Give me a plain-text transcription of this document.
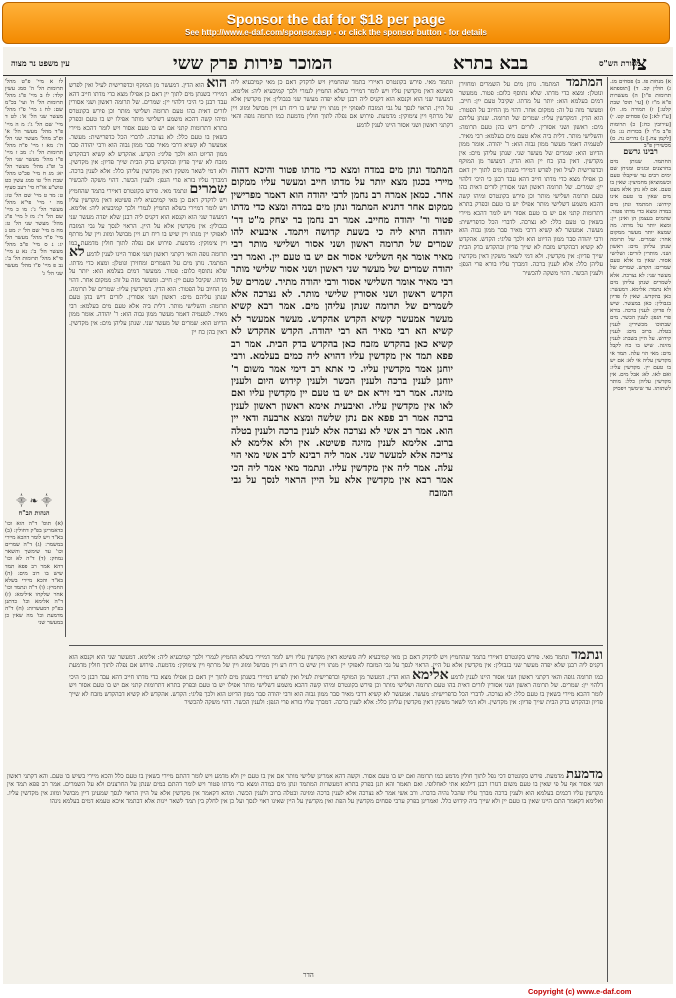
Sponsor the daf for $18 per page
See http://www.e-daf.com/sponsor.asp - or click the sponsor button - for details
עין משפט נר מצוה	המוכר פירות פרק ששי	בבא בתרא	מסורת הש"ס
צז
לו א מיי' פ"ט מהל' תרומות הל' ה' סמג עשין קלד: לז ב מיי' פ"ג מהל' תרומות הל' ח' ועי' בכ"מ שם: לח ג מיי' פ"ו מהל' מעשר שני הל' א': לט ד מיי' שם הל' ג': מ ה מיי' פ"ד מהל' מעשר הל' א' ופ"ב מהל' מעשר שני הל' ה': מא ו מיי' פ"ה מהל' תרומות הל' ו': מב ז מיי' פ"ו מהל' מעשר שני הל' ב' ופ"ג מהל' מעשר הל' יא: מג ח מיי' פכ"ט מהל' שבת הל' טו סמג עשין כט טוש"ע או"ח סי' רעב סעיף ט: מד ט מיי' שם הל' טז: מה י מיי' פי"א מהל' מעשר הל' ג': מו כ מיי' שם הל' ד': מז ל מיי' פ"ג מהל' מעשר שני הל' ט: מח מ מיי' שם הל' י: מט נ מיי' פ"ד מהל' מעשר הל' יג: נ ס מיי' פ"ב מהל' מעשר הל' ב': נא ע מיי' פי"א מהל' תרומות הל' ב': נב פ מיי' פ"ו מהל' מעשר שני הל' ג'
⸎ ❧ ⸎
הגהות הב"ח
(א) תוס' ד"ה הוא וכו' כדאמרינן בפ"ק דחולין: (ב) בא"ד ויש לומר דהכא מיירי במשמר: (ג) ד"ה שמרים וכו' עד שימשך והשאר נמחק: (ד) ד"ה לא וכו' דהא אמר רב פפא תמד שיש בו רוב מים: (ה) בא"ד והכא מיירי בשלא החמיץ: (ו) ד"ה ונתמד וכו' אחר שלקחו אילימא: (ז) ד"ה אלימא וכו' כדתנן בפ"ק דמעשרות: (ח) ד"ה מדמעת וכו' מה שאין כן במעשר שני
א) מנחות פו. ב) פסחים מג. ג) חולין קכ. ד) [תוספתא תרומות פ"ו] ה) מעשרות פ"א מ"ז ו) [עי' תוס' שבת קלט:] ז) תמורה מז. ח) [ע"ז לא:] ט) פסחים קט. י) [עירובין כח:] כ) תרומות פ"ב מ"ו ל) בכורות נג: מ) [לקמן צח.] נ) נדרים נה. ס) מכשירין פ"ב
רבינו גרשם
החתמד. שנותן מים בחרצנים ובזגים ומניחן שם ימים רבים עד שיקבלו טעם וכשמוציאן מחמיצין: שאין בו טעם. אם לא נתן אלא מעט מים שאין בו טעם אינו קידוש: המתמד ונתן מים במדה ומצא כדי מדתו פטור. שהמים בעצמן הן ואינן יין: ומצא יותר על מדתו. מה שמצא יותר מעשר ממקום אחר: שמרים. של תרומה שנתן עליהן מים: ראשון ושני. מותרין לזרים: ושלישי אסור. שאין בו אלא טעם שמרים: הקדש. שמרים של מעשר שני: לא נצרכה. אלא לשמרים שנתן עליהן מים ולא נתמד: אלימא. דמעשר: כאן בהקדש. שאין לו פדיון בגבולין: כאן במעשר. שיש לו פדיון: לענין ברכה. בורא פרי הגפן: לענין הכשר. מים שבתוכו מכשירין: לענין בטלה. ברוב מים: לענין קידוש. על היין בשבת: לענין מזיגה. שיש בו כח לקבל מים: מאי הוי עלה. תמד אי מקדשין עליה אי לא: אם יש בו טעם יין. מקדשין עליו: ואם לאו. לא: אבל מים. אין מקדשין עליהן כלל: מותר לשתותו. עד שימשך ויפסיק
המתמד המתמד. נותן מים על השמרים ומחזירן ונוטלן: ומצא כדי מדתו. שלא נתוסף כלום: פטור. ממעשר דמים בעלמא הוא: יותר על מדתו. שקיבל טעם יין: חייב. ומעשר מזה על זה: ממקום אחר. דהוי מן החיוב על הפטור: הוא הדין. דמקדשין עליו: שמרים של תרומה. שנתן עליהם מים: ראשון ושני אסורין. לזרים דיש בהן טעם תרומה: והשלישי מותר. דלית ביה אלא טעם מים בעלמא: רבי מאיר. לטעמיה דאמר מעשר ממון גבוה הוא: ר' יהודה. אומר ממון הדיוט הוא: שמרים של מעשר שני. שנתן עליהן מים: אין מקדשין. דאין בהן כח יין הוא הדין. דמעשר מן המוקף וכדפרישית לעיל ואין לפרש דמיירי בשנתן מים לתוך יין דאם כן אפילו מצא כדי מדתו חייב דהא עבד רבנן כי היכי דלהוי יין: שמרים. של תרומה ראשון ושני אסורין לזרים דאית בהו טעם תרומה ושלישי מותר וכן פירש בקונטרס ומיהו קשה דהכא משמע דשלישי מותר אפילו יש בו טעם ובפרק בתרא דתרומות קתני אם יש בו טעם אסור ויש לומר דהכא מיירי בשאין בו טעם כלל: לא נצרכה. לדברי הכל כדפרישית: מעשר. אמעשר לא קשיא דרבי מאיר סבר ממון גבוה הוא ורבי יהודה סבר ממון הדיוט הוא ולכך פליגי: הקדש. אהקדש לא קשיא דבהקדש מזבח לא שייך פדיון ובהקדש בדק הבית שייך פדיון: אין מקדשין. ולא דמי לשאר משקין דאין מקדשין עליהן כלל: אלא לענין ברכה. דמברך עליו בורא פרי הגפן: ולענין הכשר. דהוי משקה להכשיר
המתמד ונתן מים במדה ומצא כדי מדתו פטור והיכא דהוה מיירי בכגון מצא יותר על מדתו חייב ומעשר עליו ממקום אחר. כמאן אמרה רב נחמן לרבי יהודה הוא דאמר מפרישין ממקום אחר דתניא המתמד ונתן מים במדה ומצא כדי מדתו פטור ור' יהודה מחייב. אמר רב נחמן בר יצחק מ"ט דר' יהודה הויא ליה כי בשעת קדושה ויתמד. איבעיא להו שמרים של תרומה ראשון ושני אסור ושלישי מותר רבי מאיר אומר אף השלישי אסור אם יש בו טעם יין. ואמר רבי יהודה שמרים של מעשר שני ראשון ושני אסור שלישי מותר רבי מאיר אומר השלישי אסור ורבי יהודה מתיר. שמרים של הקדש ראשון ושני אסורין שלישי מותר. לא נצרכה אלא לשמרים של תרומה שנתן עליהן מים. אמר רבא קשיא מעשר אמעשר קשיא הקדש אהקדש. מעשר אמעשר לא קשיא הא רבי מאיר הא רבי יהודה. הקדש אהקדש לא קשיא כאן בהקדש מזבח כאן בהקדש בדק הבית. אמר רב פפא תמד אין מקדשין עליו דהויא ליה כמים בעלמא. ורבי יוחנן אמר מקדשין עליו. כי אתא רב דימי אמר משום ר' יוחנן לענין ברכה ולענין הכשר ולענין קידוש היום ולענין מזיגה. אמר רבי זירא אם יש בו טעם יין מקדשין עליו ואם לאו אין מקדשין עליו. ואיבעית אימא ראשון ראשון לענין ברכה אמר רב פפא אם נתן שלשה ומצא ארבעה ודאי יין הוא. אמר רב אשי לא נצרכה אלא לענין ברכה ולענין בטלה ברוב. אלימא לענין מזיגה פשיטא. אין ולא אלימא לא צריכה אלא למעשר שני. אמר ליה רבינא לרב אשי מאי הוי עלה. אמר ליה אין מקדשין עליו. ונתמד מאי אמר ליה הכי אמר רבא אין מקדשין אלא על היין הראוי לנסך על גבי המזבח
הוא הוא הדין. דמעשר מן המוקף וכדפרישית לעיל ואין לפרש דמיירי בשנתן מים לתוך יין דאם כן אפילו מצא כדי מדתו חייב דהא עבד רבנן כי היכי דלהוי יין: שמרים. של תרומה ראשון ושני אסורין לזרים דאית בהו טעם תרומה ושלישי מותר וכן פירש בקונטרס ומיהו קשה דהכא משמע דשלישי מותר אפילו יש בו טעם ובפרק בתרא דתרומות קתני אם יש בו טעם אסור ויש לומר דהכא מיירי בשאין בו טעם כלל: לא נצרכה. לדברי הכל כדפרישית: מעשר. אמעשר לא קשיא דרבי מאיר סבר ממון גבוה הוא ורבי יהודה סבר ממון הדיוט הוא ולכך פליגי: הקדש. אהקדש לא קשיא דבהקדש מזבח לא שייך פדיון ובהקדש בדק הבית שייך פדיון: אין מקדשין. ולא דמי לשאר משקין דאין מקדשין עליהן כלל: אלא לענין ברכה. דמברך עליו בורא פרי הגפן: ולענין הכשר. דהוי משקה להכשיר שמרים ונתמד מאי. פירש בקונטרס דאיירי בתמד שהחמיץ ויש לדקדק דאם כן מאי קמיבעיא ליה פשיטא דאין מקדשין עליו ויש לומר דמיירי בשלא החמיץ לגמרי ולכך קמיבעיא ליה: אלימא. דמעשר שני הוא וקנסא הוא דקניס ליה רבנן שלא יפדה מעשר שני בגבולין: אין מקדשין אלא על היין. הראוי לנסך על גבי המזבח לאפוקי יין מגתו ויין שיש בו ריח רע ויין מבושל ומזוג ויין של מרתף ויין צימוקין: מדמעת. פירוש אם נפלה לתוך חולין מדמעת כמו תרומה גופה והאי דקתני ראשון ושני אסור היינו לענין לדמע לא המתמד. נותן מים על השמרים ומחזירן ונוטלן: ומצא כדי מדתו. שלא נתוסף כלום: פטור. ממעשר דמים בעלמא הוא: יותר על מדתו. שקיבל טעם יין: חייב. ומעשר מזה על זה: ממקום אחר. דהוי מן החיוב על הפטור: הוא הדין. דמקדשין עליו: שמרים של תרומה. שנתן עליהם מים: ראשון ושני אסורין. לזרים דיש בהן טעם תרומה: והשלישי מותר. דלית ביה אלא טעם מים בעלמא: רבי מאיר. לטעמיה דאמר מעשר ממון גבוה הוא: ר' יהודה. אומר ממון הדיוט הוא: שמרים של מעשר שני. שנתן עליהן מים: אין מקדשין. דאין בהן כח יין
ונתמד מאי. פירש בקונטרס דאיירי בתמד שהחמיץ ויש לדקדק דאם כן מאי קמיבעיא ליה פשיטא דאין מקדשין עליו ויש לומר דמיירי בשלא החמיץ לגמרי ולכך קמיבעיא ליה: אלימא. דמעשר שני הוא וקנסא הוא דקניס ליה רבנן שלא יפדה מעשר שני בגבולין: אין מקדשין אלא על היין. הראוי לנסך על גבי המזבח לאפוקי יין מגתו ויין שיש בו ריח רע ויין מבושל ומזוג ויין של מרתף ויין צימוקין: מדמעת. פירוש אם נפלה לתוך חולין מדמעת כמו תרומה גופה והאי דקתני ראשון ושני אסור היינו לענין לדמע
ונתמד ונתמד מאי. פירש בקונטרס דאיירי בתמד שהחמיץ ויש לדקדק דאם כן מאי קמיבעיא ליה פשיטא דאין מקדשין עליו ויש לומר דמיירי בשלא החמיץ לגמרי ולכך קמיבעיא ליה: אלימא. דמעשר שני הוא וקנסא הוא דקניס ליה רבנן שלא יפדה מעשר שני בגבולין: אין מקדשין אלא על היין. הראוי לנסך על גבי המזבח לאפוקי יין מגתו ויין שיש בו ריח רע ויין מבושל ומזוג ויין של מרתף ויין צימוקין: מדמעת. פירוש אם נפלה לתוך חולין מדמעת כמו תרומה גופה והאי דקתני ראשון ושני אסור היינו לענין לדמע אלימא הוא הדין. דמעשר מן המוקף וכדפרישית לעיל ואין לפרש דמיירי בשנתן מים לתוך יין דאם כן אפילו מצא כדי מדתו חייב דהא עבד רבנן כי היכי דלהוי יין: שמרים. של תרומה ראשון ושני אסורין לזרים דאית בהו טעם תרומה ושלישי מותר וכן פירש בקונטרס ומיהו קשה דהכא משמע דשלישי מותר אפילו יש בו טעם ובפרק בתרא דתרומות קתני אם יש בו טעם אסור ויש לומר דהכא מיירי בשאין בו טעם כלל: לא נצרכה. לדברי הכל כדפרישית: מעשר. אמעשר לא קשיא דרבי מאיר סבר ממון גבוה הוא ורבי יהודה סבר ממון הדיוט הוא ולכך פליגי: הקדש. אהקדש לא קשיא דבהקדש מזבח לא שייך פדיון ובהקדש בדק הבית שייך פדיון: אין מקדשין. ולא דמי לשאר משקין דאין מקדשין עליהן כלל: אלא לענין ברכה. דמברך עליו בורא פרי הגפן: ולענין הכשר. דהוי משקה להכשיר
מדמעת מדמעת. פירש בקונטרס דכי נפל לתוך חולין מדמע כמו תרומה ואם יש בו טעם אסור. וקשה דהא אמרינן שלישי מותר אם אין בו טעם יין ולא מדמע ויש לומר דהתם מיירי בשאין בו טעם כלל והכא מיירי בשיש בו טעם. והא דקתני ראשון ושני אסור אף על פי שאין בו טעם משום דגזרו רבנן דילמא אתי לאחלופי. ואם תאמר והא תנן בפרק בתרא דמעשרות המתמד ונתן מים במדה ומצא כדי מדתו פטור ויש לומר דהתם במים שנתן על החרצנים ולא על השמרים. אמר רב פפא תמד אין מקדשין עליו דכמים בעלמא הוא ולענין ברכה מברך עליו שהכל נהיה בדברו. ורב אשי אמר לא נצרכה אלא לענין ברכה ומזיגה ובטלה ברוב ולענין הכשר. ומהא דקאמר אין מקדשין אלא על היין הראוי לנסך שמעינן דיין מבושל ומזוג אין מקדשין עליו. ואלימא דקאמר התם היינו שאין בו טעם יין ולא שייך ביה קידוש כלל. ואמרינן בפרק ערבי פסחים מקדשין על הפת ואין מקדשין על היין שאינו ראוי לנסך ועל כן אין לחלק בין תמד לשאר יינות אלא דבתמד איכא טעמא דמים בעלמא נינהו
הדר
Copyright (c) www.e-daf.com
